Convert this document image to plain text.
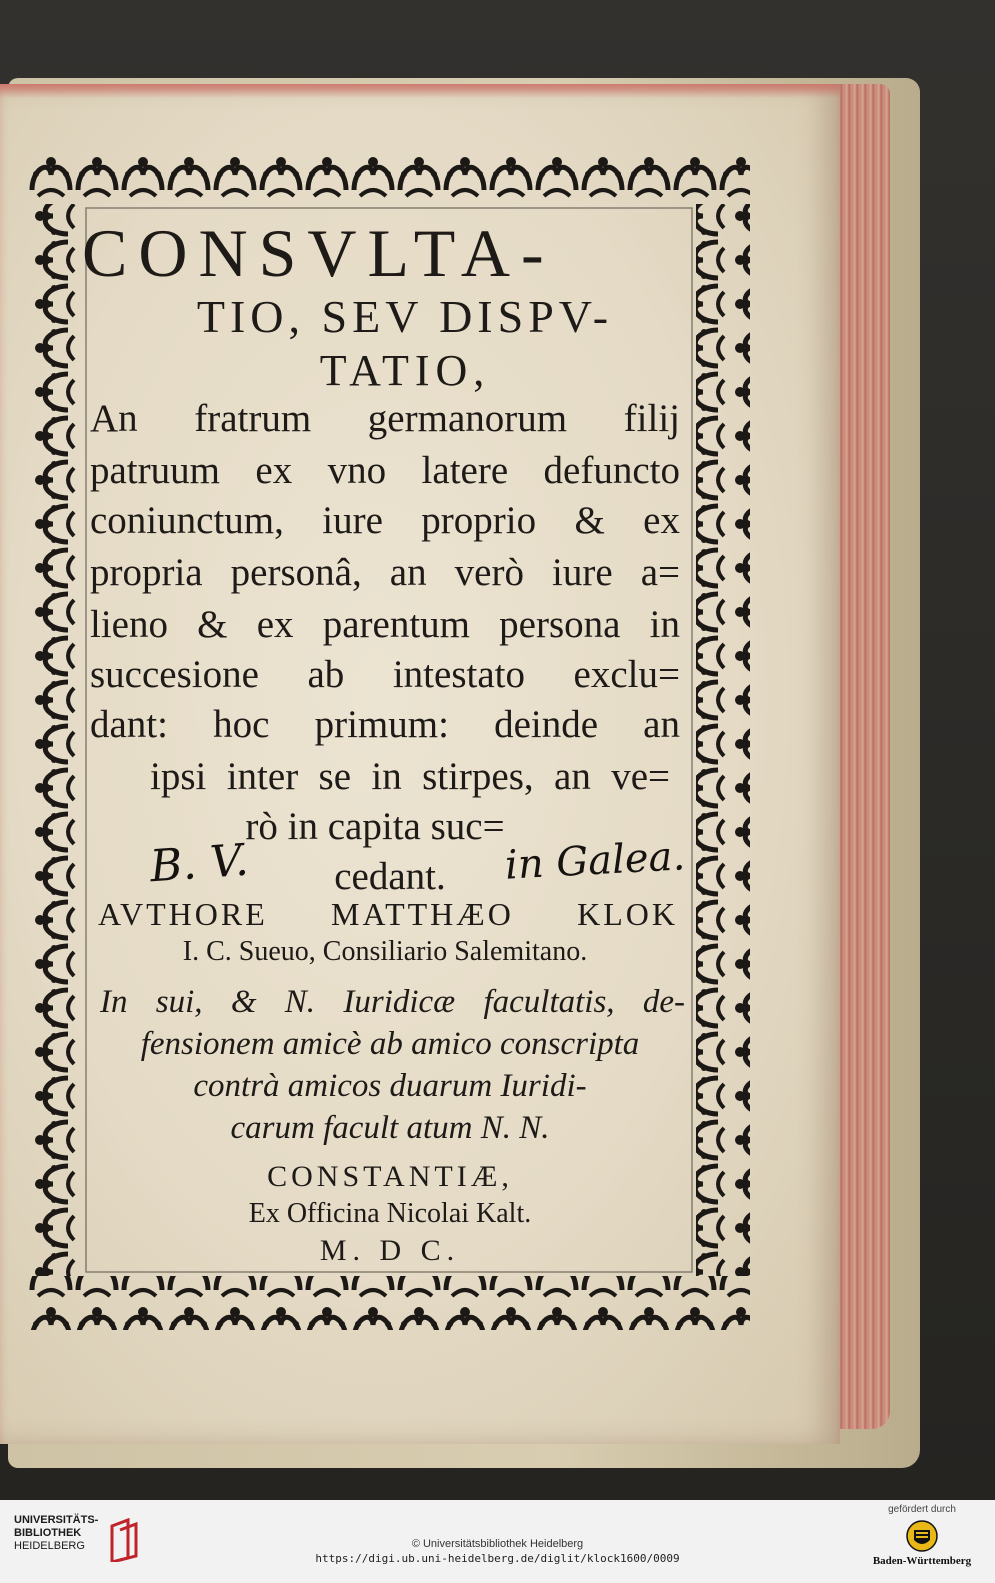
CONSVLTA-
TIO, SEV DISPV-
TATIO,
An fratrum germanorum filij
patruum ex vno latere defuncto
coniunctum, iure proprio & ex
propria personâ, an verò iure a=
lieno & ex parentum persona in
succesione ab intestato exclu=
dant: hoc primum: deinde an
ipsi inter se in stirpes, an ve=
rò in capita suc=
cedant.
B. V.	in Galea.
AVTHORE MATTHÆO KLOK
I. C. Sueuo, Consiliario Salemitano.
In sui, & N. Iuridicæ facultatis, de-
fensionem amicè ab amico conscripta
contrà amicos duarum Iuridi-
carum facult atum N. N.
CONSTANTIÆ,
Ex Officina Nicolai Kalt.
M. D C.
UNIVERSITÄTS-
BIBLIOTHEK
HEIDELBERG	© Universitätsbibliothek Heidelberg
https://digi.ub.uni-heidelberg.de/diglit/klock1600/0009
gefördert durch
Baden-Württemberg
